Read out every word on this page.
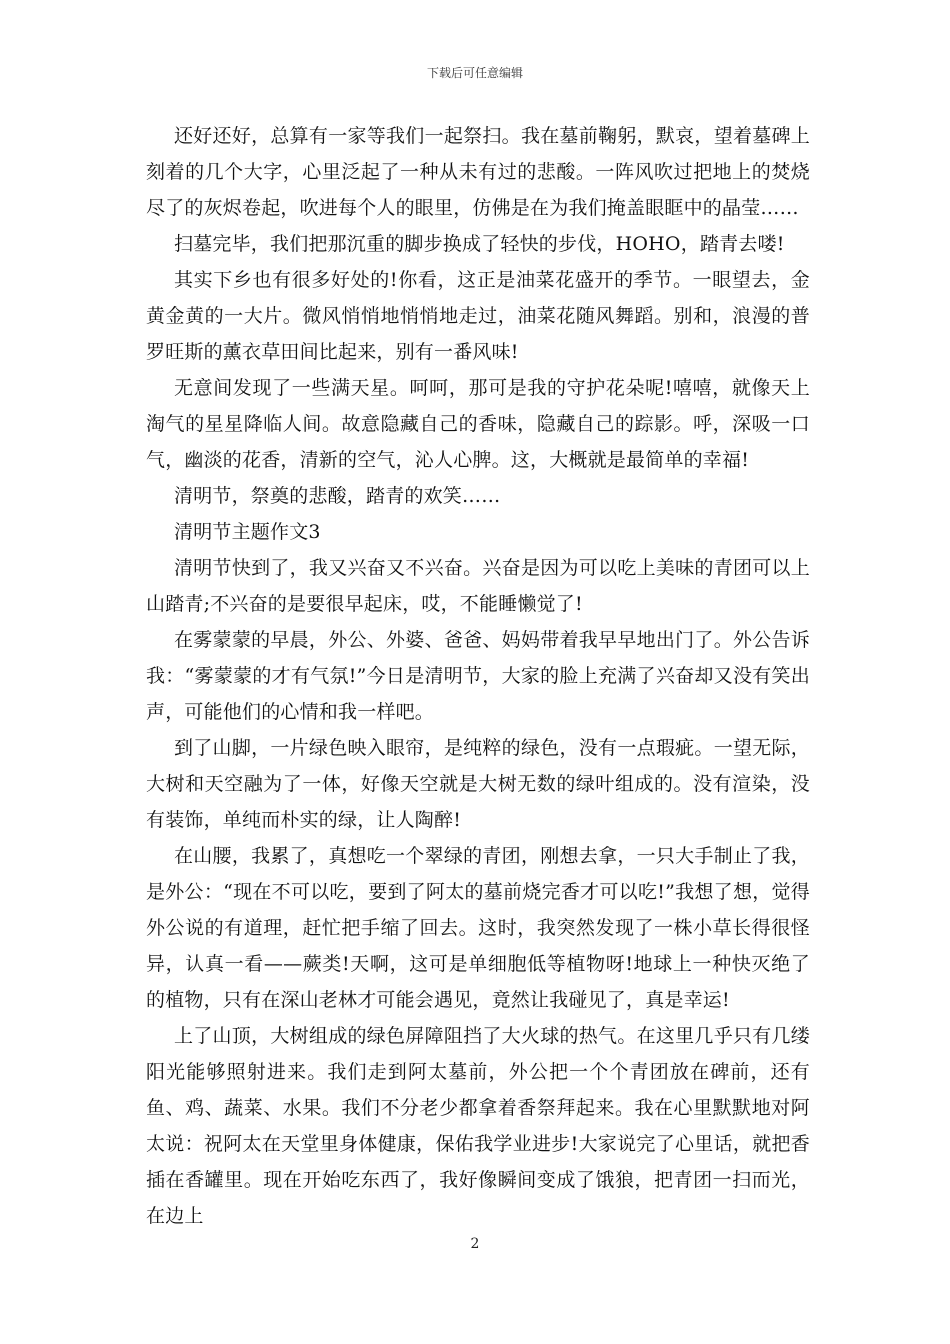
下载后可任意编辑

还好还好，总算有一家等我们一起祭扫。我在墓前鞠躬，默哀，望着墓碑上刻着的几个大字，心里泛起了一种从未有过的悲酸。一阵风吹过把地上的焚烧尽了的灰烬卷起，吹进每个人的眼里，仿佛是在为我们掩盖眼眶中的晶莹……

扫墓完毕，我们把那沉重的脚步换成了轻快的步伐，HOHO，踏青去喽!

其实下乡也有很多好处的!你看，这正是油菜花盛开的季节。一眼望去，金黄金黄的一大片。微风悄悄地悄悄地走过，油菜花随风舞蹈。别和，浪漫的普罗旺斯的薰衣草田间比起来，别有一番风味!

无意间发现了一些满天星。呵呵，那可是我的守护花朵呢!嘻嘻，就像天上淘气的星星降临人间。故意隐藏自己的香味，隐藏自己的踪影。呼，深吸一口气，幽淡的花香，清新的空气，沁人心脾。这，大概就是最简单的幸福!

清明节，祭奠的悲酸，踏青的欢笑……

清明节主题作文3

清明节快到了，我又兴奋又不兴奋。兴奋是因为可以吃上美味的青团可以上山踏青;不兴奋的是要很早起床，哎，不能睡懒觉了!

在雾蒙蒙的早晨，外公、外婆、爸爸、妈妈带着我早早地出门了。外公告诉我：“雾蒙蒙的才有气氛!”今日是清明节，大家的脸上充满了兴奋却又没有笑出声，可能他们的心情和我一样吧。

到了山脚，一片绿色映入眼帘，是纯粹的绿色，没有一点瑕疵。一望无际，大树和天空融为了一体，好像天空就是大树无数的绿叶组成的。没有渲染，没有装饰，单纯而朴实的绿，让人陶醉!

在山腰，我累了，真想吃一个翠绿的青团，刚想去拿，一只大手制止了我，是外公：“现在不可以吃，要到了阿太的墓前烧完香才可以吃!”我想了想，觉得外公说的有道理，赶忙把手缩了回去。这时，我突然发现了一株小草长得很怪异，认真一看——蕨类!天啊，这可是单细胞低等植物呀!地球上一种快灭绝了的植物，只有在深山老林才可能会遇见，竟然让我碰见了，真是幸运!

上了山顶，大树组成的绿色屏障阻挡了大火球的热气。在这里几乎只有几缕阳光能够照射进来。我们走到阿太墓前，外公把一个个青团放在碑前，还有鱼、鸡、蔬菜、水果。我们不分老少都拿着香祭拜起来。我在心里默默地对阿太说：祝阿太在天堂里身体健康，保佑我学业进步!大家说完了心里话，就把香插在香罐里。现在开始吃东西了，我好像瞬间变成了饿狼，把青团一扫而光，在边上

2
